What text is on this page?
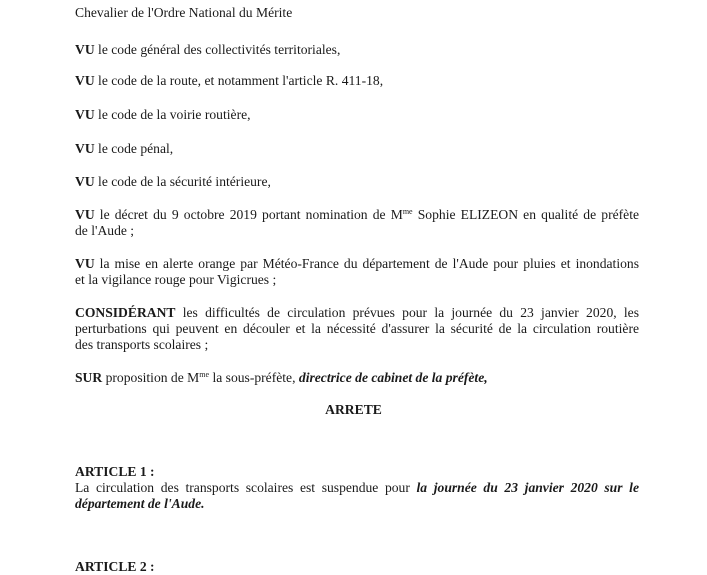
Chevalier de l'Ordre National du Mérite
VU le code général des collectivités territoriales,
VU le code de la route, et notamment l'article R. 411-18,
VU le code de la voirie routière,
VU le code pénal,
VU le code de la sécurité intérieure,
VU le décret du 9 octobre 2019 portant nomination de $M^{me}$ Sophie ELIZEON en qualité de préfète
de l'Aude ;
VU la mise en alerte orange par Météo-France du département de l'Aude pour pluies et inondations
et la vigilance rouge pour Vigicrues ;
CONSIDÉRANT les difficultés de circulation prévues pour la journée du 23 janvier 2020, les
perturbations qui peuvent en découler et la nécessité d'assurer la sécurité de la circulation routière
des transports scolaires ;
SUR proposition de $M^{me}$ la sous-préfète, directrice de cabinet de la préfète,
ARRETE
ARTICLE 1 :
La circulation des transports scolaires est suspendue pour la journée du 23 janvier 2020 sur le
département de l'Aude.
ARTICLE 2 :
